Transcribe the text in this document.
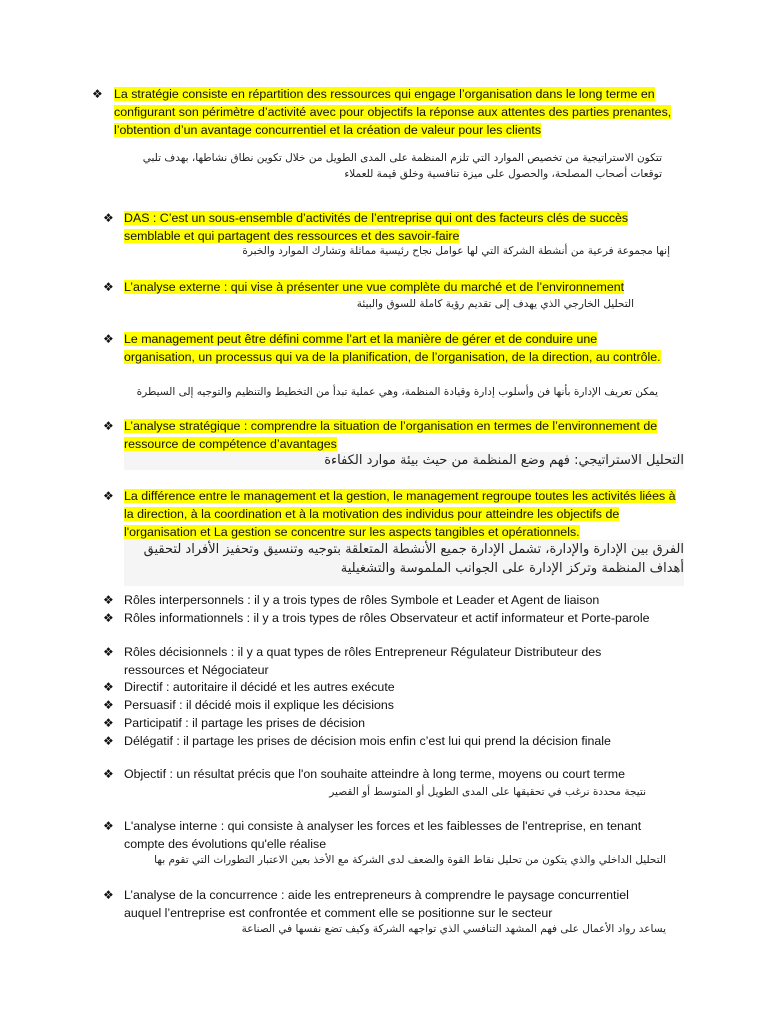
❖ La stratégie consiste en répartition des ressources qui engage l’organisation dans le long terme en configurant son périmètre d’activité avec pour objectifs la réponse aux attentes des parties prenantes, l’obtention d’un avantage concurrentiel et la création de valeur pour les clients
تتكون الاستراتيجية من تخصيص الموارد التي تلزم المنظمة على المدى الطويل من خلال تكوين نطاق نشاطها، بهدف تلبي توقعات أصحاب المصلحة، والحصول على ميزة تنافسية وخلق قيمة للعملاء
❖ DAS : C’est un sous-ensemble d’activités de l’entreprise qui ont des facteurs clés de succès semblable et qui partagent des ressources et des savoir-faire
إنها مجموعة فرعية من أنشطة الشركة التي لها عوامل نجاح رئيسية مماثلة وتشارك الموارد والخبرة
❖ L’analyse externe : qui vise à présenter une vue complète du marché et de l’environnement
التحليل الخارجي الذي يهدف إلى تقديم رؤية كاملة للسوق والبيئة
❖ Le management peut être défini comme l’art et la manière de gérer et de conduire une organisation, un processus qui va de la planification, de l’organisation, de la direction, au contrôle.
يمكن تعريف الإدارة بأنها فن وأسلوب إدارة وقيادة المنظمة، وهي عملية تبدأ من التخطيط والتنظيم والتوجيه إلى السيطرة
❖ L’analyse stratégique : comprendre la situation de l’organisation en termes de l’environnement de ressource de compétence d’avantages
التحليل الاستراتيجي: فهم وضع المنظمة من حيث بيئة موارد الكفاءة
❖ La différence entre le management et la gestion, le management regroupe toutes les activités liées à la direction, à la coordination et à la motivation des individus pour atteindre les objectifs de l'organisation et La gestion se concentre sur les aspects tangibles et opérationnels.
الفرق بين الإدارة والإدارة، تشمل الإدارة جميع الأنشطة المتعلقة بتوجيه وتنسيق وتحفيز الأفراد لتحقيق أهداف المنظمة وتركز الإدارة على الجوانب الملموسة والتشغيلية
❖ Rôles interpersonnels : il y a trois types de rôles Symbole et Leader et Agent de liaison
❖ Rôles informationnels : il y a trois types de rôles Observateur et actif informateur et Porte-parole
❖ Rôles décisionnels : il y a quat types de rôles Entrepreneur Régulateur Distributeur des ressources et Négociateur
❖ Directif : autoritaire il décidé et les autres exécute
❖ Persuasif : il décidé mois il explique les décisions
❖ Participatif : il partage les prises de décision
❖ Délégatif : il partage les prises de décision mois enfin c’est lui qui prend la décision finale
❖ Objectif : un résultat précis que l'on souhaite atteindre à long terme, moyens ou court terme
نتيجة محددة نرغب في تحقيقها على المدى الطويل أو المتوسط أو القصير
❖ L'analyse interne : qui consiste à analyser les forces et les faiblesses de l'entreprise, en tenant compte des évolutions qu'elle réalise
التحليل الداخلي والذي يتكون من تحليل نقاط القوة والضعف لدى الشركة مع الأخذ بعين الاعتبار التطورات التي تقوم بها
❖ L’analyse de la concurrence : aide les entrepreneurs à comprendre le paysage concurrentiel auquel l’entreprise est confrontée et comment elle se positionne sur le secteur
يساعد رواد الأعمال على فهم المشهد التنافسي الذي تواجهه الشركة وكيف تضع نفسها في الصناعة
